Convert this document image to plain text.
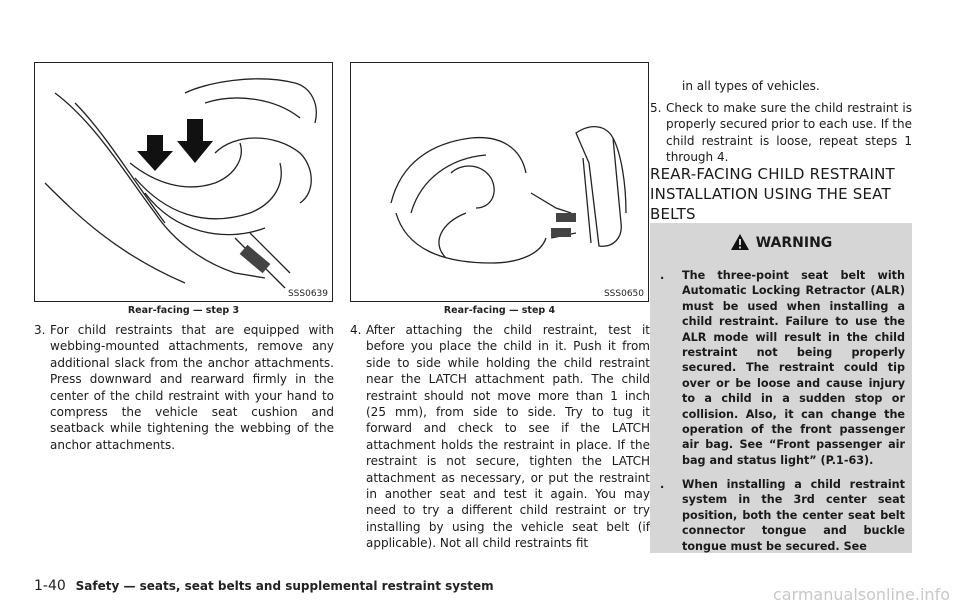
SSS0639
Rear-facing — step 3
SSS0650
Rear-facing — step 4
3. For child restraints that are equipped with webbing-mounted attachments, remove any additional slack from the anchor attachments. Press downward and rearward firmly in the center of the child restraint with your hand to compress the vehicle seat cushion and seatback while tightening the webbing of the anchor attachments.
4. After attaching the child restraint, test it before you place the child in it. Push it from side to side while holding the child restraint near the LATCH attachment path. The child restraint should not move more than 1 inch (25 mm), from side to side. Try to tug it forward and check to see if the LATCH attachment holds the restraint in place. If the restraint is not secure, tighten the LATCH attachment as necessary, or put the restraint in another seat and test it again. You may need to try a different child restraint or try installing by using the vehicle seat belt (if applicable). Not all child restraints fit
in all types of vehicles.
5. Check to make sure the child restraint is properly secured prior to each use. If the child restraint is loose, repeat steps 1 through 4.
REAR-FACING CHILD RESTRAINT INSTALLATION USING THE SEAT BELTS
WARNING
. The three-point seat belt with Automatic Locking Retractor (ALR) must be used when installing a child restraint. Failure to use the ALR mode will result in the child restraint not being properly secured. The restraint could tip over or be loose and cause injury to a child in a sudden stop or collision. Also, it can change the operation of the front passenger air bag. See “Front passenger air bag and status light” (P.1-63).
. When installing a child restraint system in the 3rd center seat position, both the center seat belt connector tongue and buckle tongue must be secured. See
1-40 Safety — seats, seat belts and supplemental restraint system	carmanualsonline.info
